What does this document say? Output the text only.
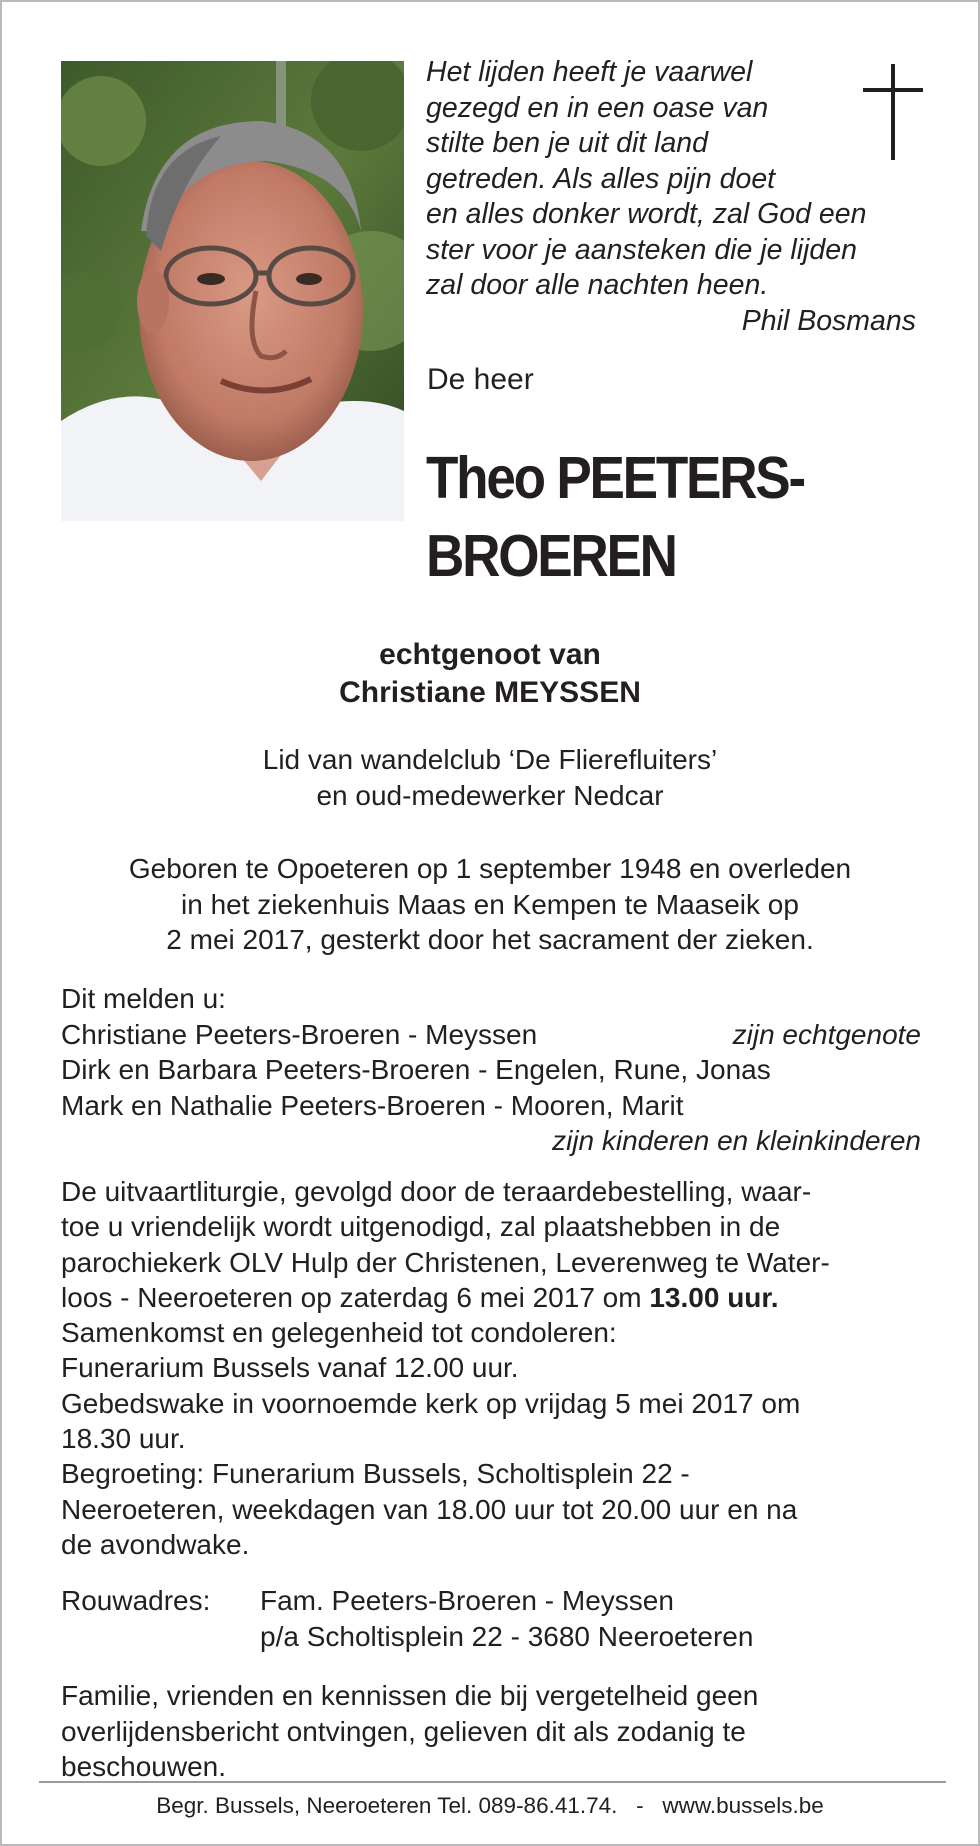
Het lijden heeft je vaarwel
gezegd en in een oase van
stilte ben je uit dit land
getreden. Als alles pijn doet
en alles donker wordt, zal God een
ster voor je aansteken die je lijden
zal door alle nachten heen.
Phil Bosmans
De heer
Theo PEETERS-
BROEREN
echtgenoot van
Christiane MEYSSEN
Lid van wandelclub ‘De Flierefluiters’
en oud-medewerker Nedcar
Geboren te Opoeteren op 1 september 1948 en overleden
in het ziekenhuis Maas en Kempen te Maaseik op
2 mei 2017, gesterkt door het sacrament der zieken.
Dit melden u:
Christiane Peeters-Broeren - Meyssen	zijn echtgenote
Dirk en Barbara Peeters-Broeren - Engelen, Rune, Jonas
Mark en Nathalie Peeters-Broeren - Mooren, Marit
zijn kinderen en kleinkinderen
De uitvaartliturgie, gevolgd door de teraardebestelling, waar-
toe u vriendelijk wordt uitgenodigd, zal plaatshebben in de
parochiekerk OLV Hulp der Christenen, Leverenweg te Water-
loos - Neeroeteren op zaterdag 6 mei 2017 om 13.00 uur.
Samenkomst en gelegenheid tot condoleren:
Funerarium Bussels vanaf 12.00 uur.
Gebedswake in voornoemde kerk op vrijdag 5 mei 2017 om
18.30 uur.
Begroeting: Funerarium Bussels, Scholtisplein 22 -
Neeroeteren, weekdagen van 18.00 uur tot 20.00 uur en na
de avondwake.
Rouwadres: Fam. Peeters-Broeren - Meyssen
p/a Scholtisplein 22 - 3680 Neeroeteren
Familie, vrienden en kennissen die bij vergetelheid geen
overlijdensbericht ontvingen, gelieven dit als zodanig te
beschouwen.
Begr. Bussels, Neeroeteren Tel. 089-86.41.74.   -   www.bussels.be
